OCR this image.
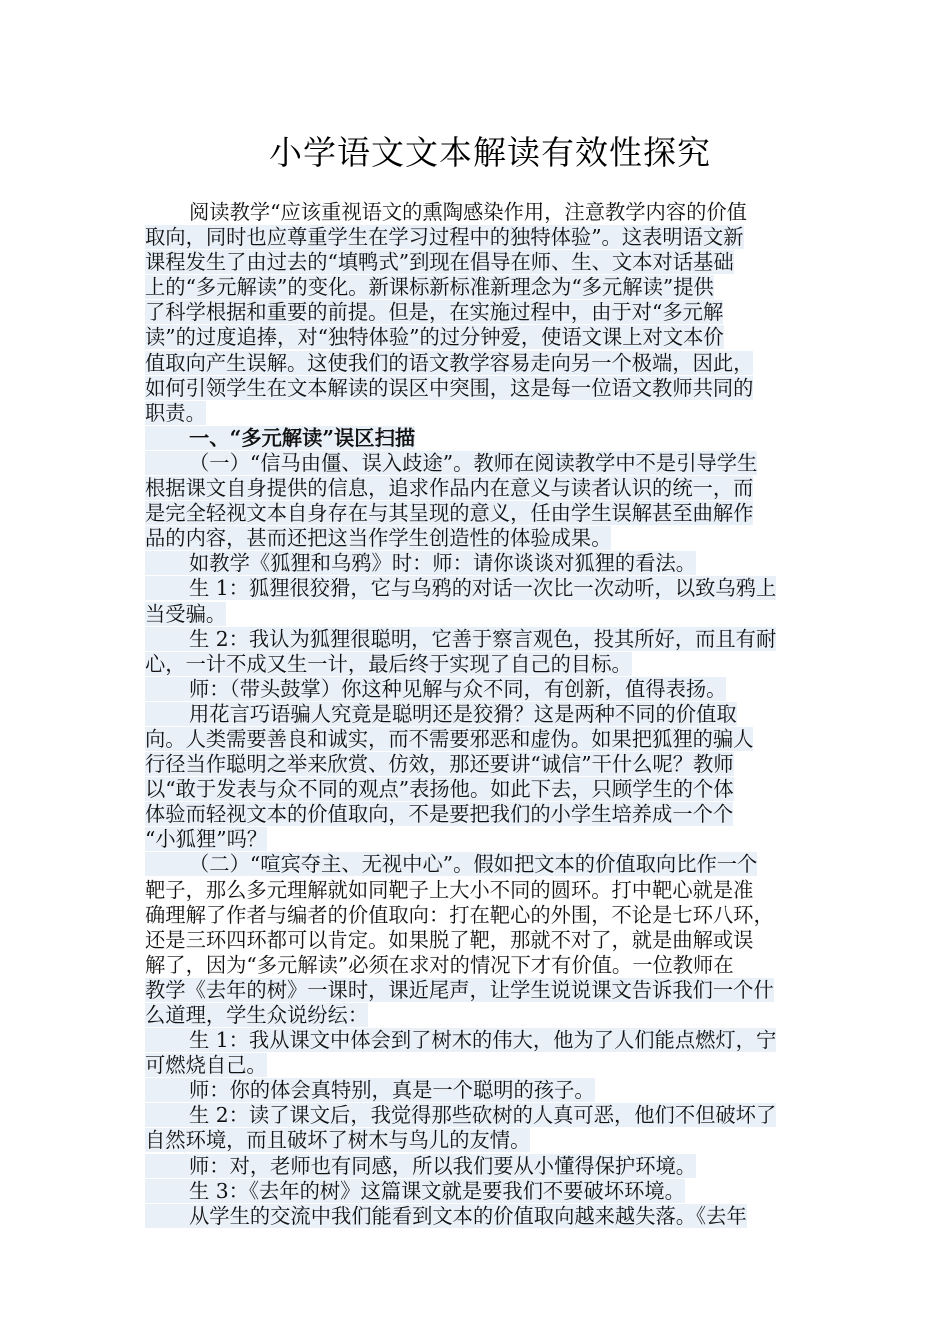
小学语文文本解读有效性探究
阅读教学“应该重视语文的熏陶感染作用，注意教学内容的价值
取向，同时也应尊重学生在学习过程中的独特体验”。这表明语文新
课程发生了由过去的“填鸭式”到现在倡导在师、生、文本对话基础
上的“多元解读”的变化。新课标新标准新理念为“多元解读”提供
了科学根据和重要的前提。但是，在实施过程中，由于对“多元解
读”的过度追捧，对“独特体验”的过分钟爱，使语文课上对文本价
值取向产生误解。这使我们的语文教学容易走向另一个极端，因此，
如何引领学生在文本解读的误区中突围，这是每一位语文教师共同的
职责。
一、“多元解读”误区扫描
（一）“信马由僵、误入歧途”。教师在阅读教学中不是引导学生
根据课文自身提供的信息，追求作品内在意义与读者认识的统一，而
是完全轻视文本自身存在与其呈现的意义，任由学生误解甚至曲解作
品的内容，甚而还把这当作学生创造性的体验成果。
如教学《狐狸和乌鸦》时：师：请你谈谈对狐狸的看法。
生 1：狐狸很狡猾，它与乌鸦的对话一次比一次动听，以致乌鸦上
当受骗。
生 2：我认为狐狸很聪明，它善于察言观色，投其所好，而且有耐
心，一计不成又生一计，最后终于实现了自己的目标。
师：（带头鼓掌）你这种见解与众不同，有创新，值得表扬。
用花言巧语骗人究竟是聪明还是狡猾？这是两种不同的价值取
向。人类需要善良和诚实，而不需要邪恶和虚伪。如果把狐狸的骗人
行径当作聪明之举来欣赏、仿效，那还要讲“诚信”干什么呢？教师
以“敢于发表与众不同的观点”表扬他。如此下去，只顾学生的个体
体验而轻视文本的价值取向，不是要把我们的小学生培养成一个个
“小狐狸”吗？
（二）“喧宾夺主、无视中心”。假如把文本的价值取向比作一个
靶子，那么多元理解就如同靶子上大小不同的圆环。打中靶心就是准
确理解了作者与编者的价值取向：打在靶心的外围，不论是七环八环，
还是三环四环都可以肯定。如果脱了靶，那就不对了，就是曲解或误
解了，因为“多元解读”必须在求对的情况下才有价值。一位教师在
教学《去年的树》一课时，课近尾声，让学生说说课文告诉我们一个什
么道理，学生众说纷纭：
生 1：我从课文中体会到了树木的伟大，他为了人们能点燃灯，宁
可燃烧自己。
师：你的体会真特别，真是一个聪明的孩子。
生 2：读了课文后，我觉得那些砍树的人真可恶，他们不但破坏了
自然环境，而且破坏了树木与鸟儿的友情。
师：对，老师也有同感，所以我们要从小懂得保护环境。
生 3：《去年的树》这篇课文就是要我们不要破坏环境。
从学生的交流中我们能看到文本的价值取向越来越失落。《去年
